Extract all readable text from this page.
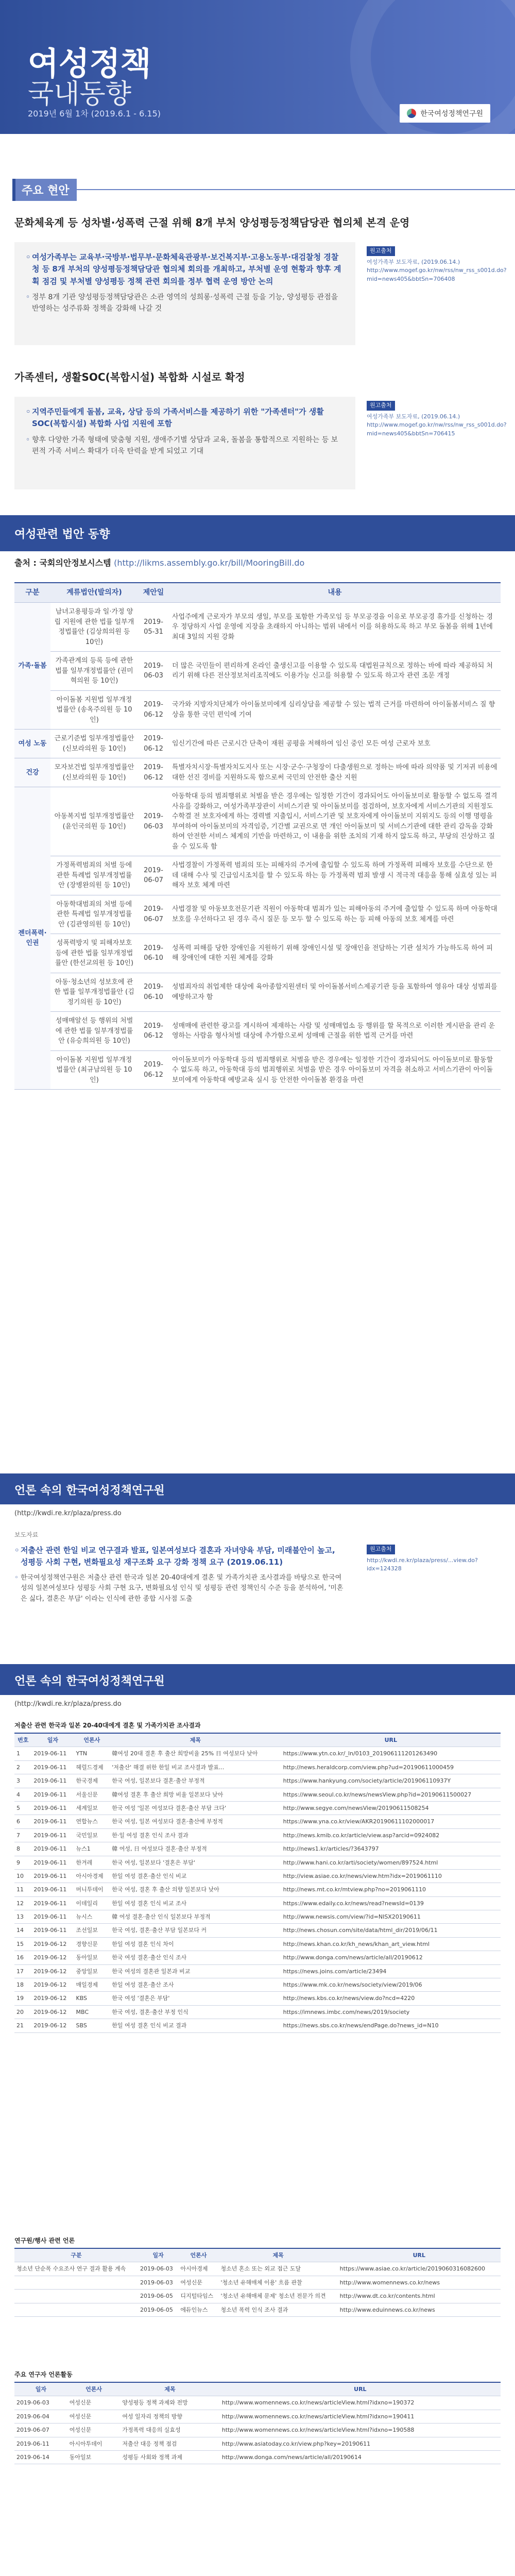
여성정책
국내동향
2019년 6월 1차 (2019.6.1 - 6.15)	한국여성정책연구원
주요 현안
문화체육계 등 성차별·성폭력 근절 위해 8개 부처 양성평등정책담당관 협의체 본격 운영
◦ 여성가족부는 교육부·국방부·법무부·문화체육관광부·보건복지부·고용노동부·대검찰청 경찰청 등 8개 부처의 양성평등정책담당관 협의체 회의를 개최하고, 부처별 운영 현황과 향후 계획 점검 및 부처별 양성평등 정책 관련 회의를 정부 협력 운영 방안 논의
◦ 정부 8개 기관 양성평등정책담당관은 소관 영역의 성희롱·성폭력 근절 등을 기능, 양성평등 관점을 반영하는 성주류화 정책을 강화해 나갈 것
원고출처
여성가족부 보도자료, (2019.06.14.) http://www.mogef.go.kr/nw/rss/nw_rss_s001d.do?mid=news405&bbtSn=706408
가족센터, 생활SOC(복합시설) 복합화 시설로 확정
◦ 지역주민들에게 돌봄, 교육, 상담 등의 가족서비스를 제공하기 위한 "가족센터"가 생활SOC(복합시설) 복합화 사업 지원에 포함
◦ 향후 다양한 가족 형태에 맞춤형 지원, 생애주기별 상담과 교육, 돌봄을 통합적으로 지원하는 등 보편적 가족 서비스 확대가 더욱 탄력을 받게 되었고 기대
원고출처
여성가족부 보도자료, (2019.06.14.) http://www.mogef.go.kr/nw/rss/nw_rss_s001d.do?mid=news405&bbtSn=706415
여성관련 법안 동향
출처 : 국회의안정보시스템 (http://likms.assembly.go.kr/bill/MooringBill.do
구분	계류법안(발의자)	제안일	내용
가족·돌봄	남녀고용평등과 일·가정 양립 지원에 관한 법률 일부개정법률안 (김상희의원 등 10인)	2019-05-31	사업주에게 근로자가 부모의 생일, 부모를 포함한 가족모임 등 부모공경을 이유로 부모공경 휴가를 신청하는 경우 정당하지 사업 운영에 지장을 초래하지 아니하는 범위 내에서 이를 허용하도록 하고 부모 돌봄을 위해 1년에 최대 3일의 지원 강화
	가족관계의 등록 등에 관한 법률 일부개정법률안 (권미혁의원 등 10인)	2019-06-03	더 많은 국민들이 편리하게 온라인 출생신고를 이용할 수 있도록 대법원규칙으로 정하는 바에 따라 제공하되 처리기 위해 다른 전산정보처리조직에도 이용가능 신고를 허용할 수 있도록 하고자 관련 조문 개정
	아이돌봄 지원법 일부개정법률안 (송옥주의원 등 10인)	2019-06-12	국가와 지방자치단체가 아이돌보미에게 심리상담을 제공할 수 있는 법적 근거를 마련하여 아이돌봄서비스 질 향상을 통한 국민 편익에 기여
여성 노동	근로기준법 일부개정법률안 (신보라의원 등 10인)	2019-06-12	임신기간에 따른 근로시간 단축이 재원 공평을 저해하여 임신 중인 모든 여성 근로자 보호
건강	모자보건법 일부개정법률안 (신보라의원 등 10인)	2019-06-12	특별자치시장·특별자치도지사 또는 시장·군수·구청장이 다출생원으로 정하는 바에 따라 의약품 및 기저귀 비용에 대한 선진 경비를 지원하도록 함으로써 국민의 안전한 출산 지원
젠더폭력·인권	아동복지법 일부개정법률안 (윤인국의원 등 10인)	2019-06-03	아동학대 등의 범죄행위로 처벌을 받은 경우에는 일정한 기간이 경과되어도 아이돌보미로 활동할 수 없도록 결격사유를 강화하고, 여성가족부장관이 서비스기관 및 아이돌보미를 점검하여, 보호자에게 서비스기관의 지원정도 수학결 전 보호자에게 하는 경력별 지출입시, 서비스기관 및 보호자에게 아이돌보미 지위지도 등의 이행 명령을 부여하여 아이돌보미의 자격임증, 기간별 교권으로 면 개인 아이돌보미 및 서비스기관에 대한 관리 감독을 강화하여 안전한 서비스 체계의 기반을 마련하고, 이 내용을 위한 조치의 기재 하지 않도록 하고, 부당의 진상하고 질을 수 있도록 함
	가정폭력범죄의 처벌 등에 관한 특례법 일부개정법률안 (장병완의원 등 10인)	2019-06-07	사법경찰이 가정폭력 범죄의 또는 피해자의 주거에 출입할 수 있도록 하며 가정폭력 피해자 보호를 수단으로 한 데 대해 수사 및 긴급임시조치를 할 수 있도록 하는 등 가정폭력 범죄 발생 시 적극적 대응을 통해 실효성 있는 피해자 보호 체계 마련
	아동학대범죄의 처벌 등에 관한 특례법 일부개정법률안 (김관영의원 등 10인)	2019-06-07	사법경찰 및 아동보호전문기관 직원이 아동학대 범죄가 있는 피해아동의 주거에 출입할 수 있도록 하며 아동학대 보호를 우선하다고 된 경우 즉시 질문 등 모두 할 수 있도록 하는 등 피해 아동의 보호 체계를 마련
	성폭력방지 및 피해자보호 등에 관한 법률 일부개정법률안 (한선교의원 등 10인)	2019-06-10	성폭력 피해를 당한 장애인을 지원하기 위해 장애인시설 및 장애인을 전담하는 기관 설치가 가능하도록 하여 피해 장애인에 대한 지원 체계를 강화
	아동·청소년의 성보호에 관한 법률 일부개정법률안 (김정기의원 등 10인)	2019-06-10	성범죄자의 취업제한 대상에 육아종합지원센터 및 아이돌봄서비스제공기관 등을 포함하여 영유아 대상 성범죄를 예방하고자 함
	성매매알선 등 행위의 처벌에 관한 법률 일부개정법률안 (유승희의원 등 10인)	2019-06-12	성매매에 관련한 광고를 게시하여 제재하는 사람 및 성매매업소 등 행위를 할 목적으로 이러한 게시판을 관리 운영하는 사람을 형사처벌 대상에 추가함으로써 성매매 근절을 위한 법적 근거를 마련
	아이돌봄 지원법 일부개정법률안 (최규남의원 등 10인)	2019-06-12	아이돌보미가 아동학대 등의 범죄행위로 처벌을 받은 경우에는 일정한 기간이 경과되어도 아이돌보미로 활동할 수 없도록 하고, 아동학대 등의 범죄행위로 처벌을 받은 경우 아이돌보미 자격을 취소하고 서비스기관이 아이돌보미에게 아동학대 예방교육 실시 등 안전한 아이돌봄 환경을 마련
언론 속의 한국여성정책연구원
(http://kwdi.re.kr/plaza/press.do
보도자료
◦ 저출산 관련 한일 비교 연구결과 발표, 일본여성보다 결혼과 자녀양육 부담, 미래불안이 높고, 성평등 사회 구현, 변화필요성 재구조화 요구 강화 정책 요구 (2019.06.11)
◦ 한국여성정책연구원은 저출산 관련 한국과 일본 20-40대에게 결혼 및 가족가치관 조사결과를 바탕으로 한국여성의 일본여성보다 성평등 사회 구현 요구, 변화필요성 인식 및 성평등 관련 정책인식 수준 등을 분석하여, '미혼은 싫다, 결혼은 부담' 이라는 인식에 관한 종합 시사점 도출
원고출처
http://kwdi.re.kr/plaza/press/...view.do?idx=124328
언론 속의 한국여성정책연구원
(http://kwdi.re.kr/plaza/press.do
저출산 관련 한국과 일본 20-40대에게 결혼 및 가족가치관 조사결과
번호	일자	언론사	제목	URL
1	2019-06-11	YTN	韓여성 20대 결혼 후 출산 희망비율 25% 日 여성보다 낮아	https://www.ytn.co.kr/_ln/0103_201906111201263490
2	2019-06-11	헤럴드경제	'저출산' 해결 위한 한일 비교 조사결과 발표...	http://news.heraldcorp.com/view.php?ud=20190611000459
3	2019-06-11	한국경제	한국 여성, 일본보다 결혼·출산 부정적	https://www.hankyung.com/society/article/201906110937Y
4	2019-06-11	서울신문	韓여성 결혼 후 출산 희망 비율 일본보다 낮아	https://www.seoul.co.kr/news/newsView.php?id=20190611500027
5	2019-06-11	세계일보	한국 여성 '일본 여성보다 결혼·출산 부담 크다'	http://www.segye.com/newsView/20190611508254
6	2019-06-11	연합뉴스	한국 여성, 일본 여성보다 결혼·출산에 부정적	https://www.yna.co.kr/view/AKR20190611102000017
7	2019-06-11	국민일보	한·일 여성 결혼 인식 조사 결과	http://news.kmib.co.kr/article/view.asp?arcid=0924082
8	2019-06-11	뉴스1	韓 여성, 日 여성보다 결혼·출산 부정적	http://news1.kr/articles/?3643797
9	2019-06-11	한겨레	한국 여성, 일본보다 '결혼은 부담'	http://www.hani.co.kr/arti/society/women/897524.html
10	2019-06-11	아시아경제	한일 여성 결혼·출산 인식 비교	http://view.asiae.co.kr/news/view.htm?idx=2019061110
11	2019-06-11	머니투데이	한국 여성, 결혼 후 출산 의향 일본보다 낮아	http://news.mt.co.kr/mtview.php?no=2019061110
12	2019-06-11	이데일리	한일 여성 결혼 인식 비교 조사	https://www.edaily.co.kr/news/read?newsId=0139
13	2019-06-11	뉴시스	韓 여성 결혼·출산 인식 일본보다 부정적	http://www.newsis.com/view/?id=NISX20190611
14	2019-06-11	조선일보	한국 여성, 결혼·출산 부담 일본보다 커	http://news.chosun.com/site/data/html_dir/2019/06/11
15	2019-06-12	경향신문	한일 여성 결혼 인식 차이	http://news.khan.co.kr/kh_news/khan_art_view.html
16	2019-06-12	동아일보	한국 여성 결혼·출산 인식 조사	http://www.donga.com/news/article/all/20190612
17	2019-06-12	중앙일보	한국 여성의 결혼관 일본과 비교	https://news.joins.com/article/23494
18	2019-06-12	매일경제	한일 여성 결혼·출산 조사	https://www.mk.co.kr/news/society/view/2019/06
19	2019-06-12	KBS	한국 여성 '결혼은 부담'	http://news.kbs.co.kr/news/view.do?ncd=4220
20	2019-06-12	MBC	한국 여성, 결혼·출산 부정 인식	https://imnews.imbc.com/news/2019/society
21	2019-06-12	SBS	한일 여성 결혼 인식 비교 결과	https://news.sbs.co.kr/news/endPage.do?news_id=N10
연구원/행사 관련 언론
구분	일자	언론사	제목	URL
청소년 단순폭 수요조사 연구 결과 활용 계속	2019-06-03	아시아경제	청소년 혼소 또는 외교 접근 도달	https://www.asiae.co.kr/article/2019060316082600
	2019-06-03	여성신문	'청소년 유해매체 이용' 흐름 관찰	http://www.womennews.co.kr/news
	2019-06-05	디지털타임스	'청소년 유해매체 문제' 청소년 전문가 의견	http://www.dt.co.kr/contents.html
	2019-06-05	에듀인뉴스	청소년 폭력 인식 조사 결과	http://www.eduinnews.co.kr/news
주요 연구자 언론활동
일자	언론사	제목	URL
2019-06-03	여성신문	양성평등 정책 과제와 전망	http://www.womennews.co.kr/news/articleView.html?idxno=190372
2019-06-04	여성신문	여성 일자리 정책의 방향	http://www.womennews.co.kr/news/articleView.html?idxno=190411
2019-06-07	여성신문	가정폭력 대응의 실효성	http://www.womennews.co.kr/news/articleView.html?idxno=190588
2019-06-11	아시아투데이	저출산 대응 정책 점검	http://www.asiatoday.co.kr/view.php?key=20190611
2019-06-14	동아일보	성평등 사회와 정책 과제	http://www.donga.com/news/article/all/20190614
